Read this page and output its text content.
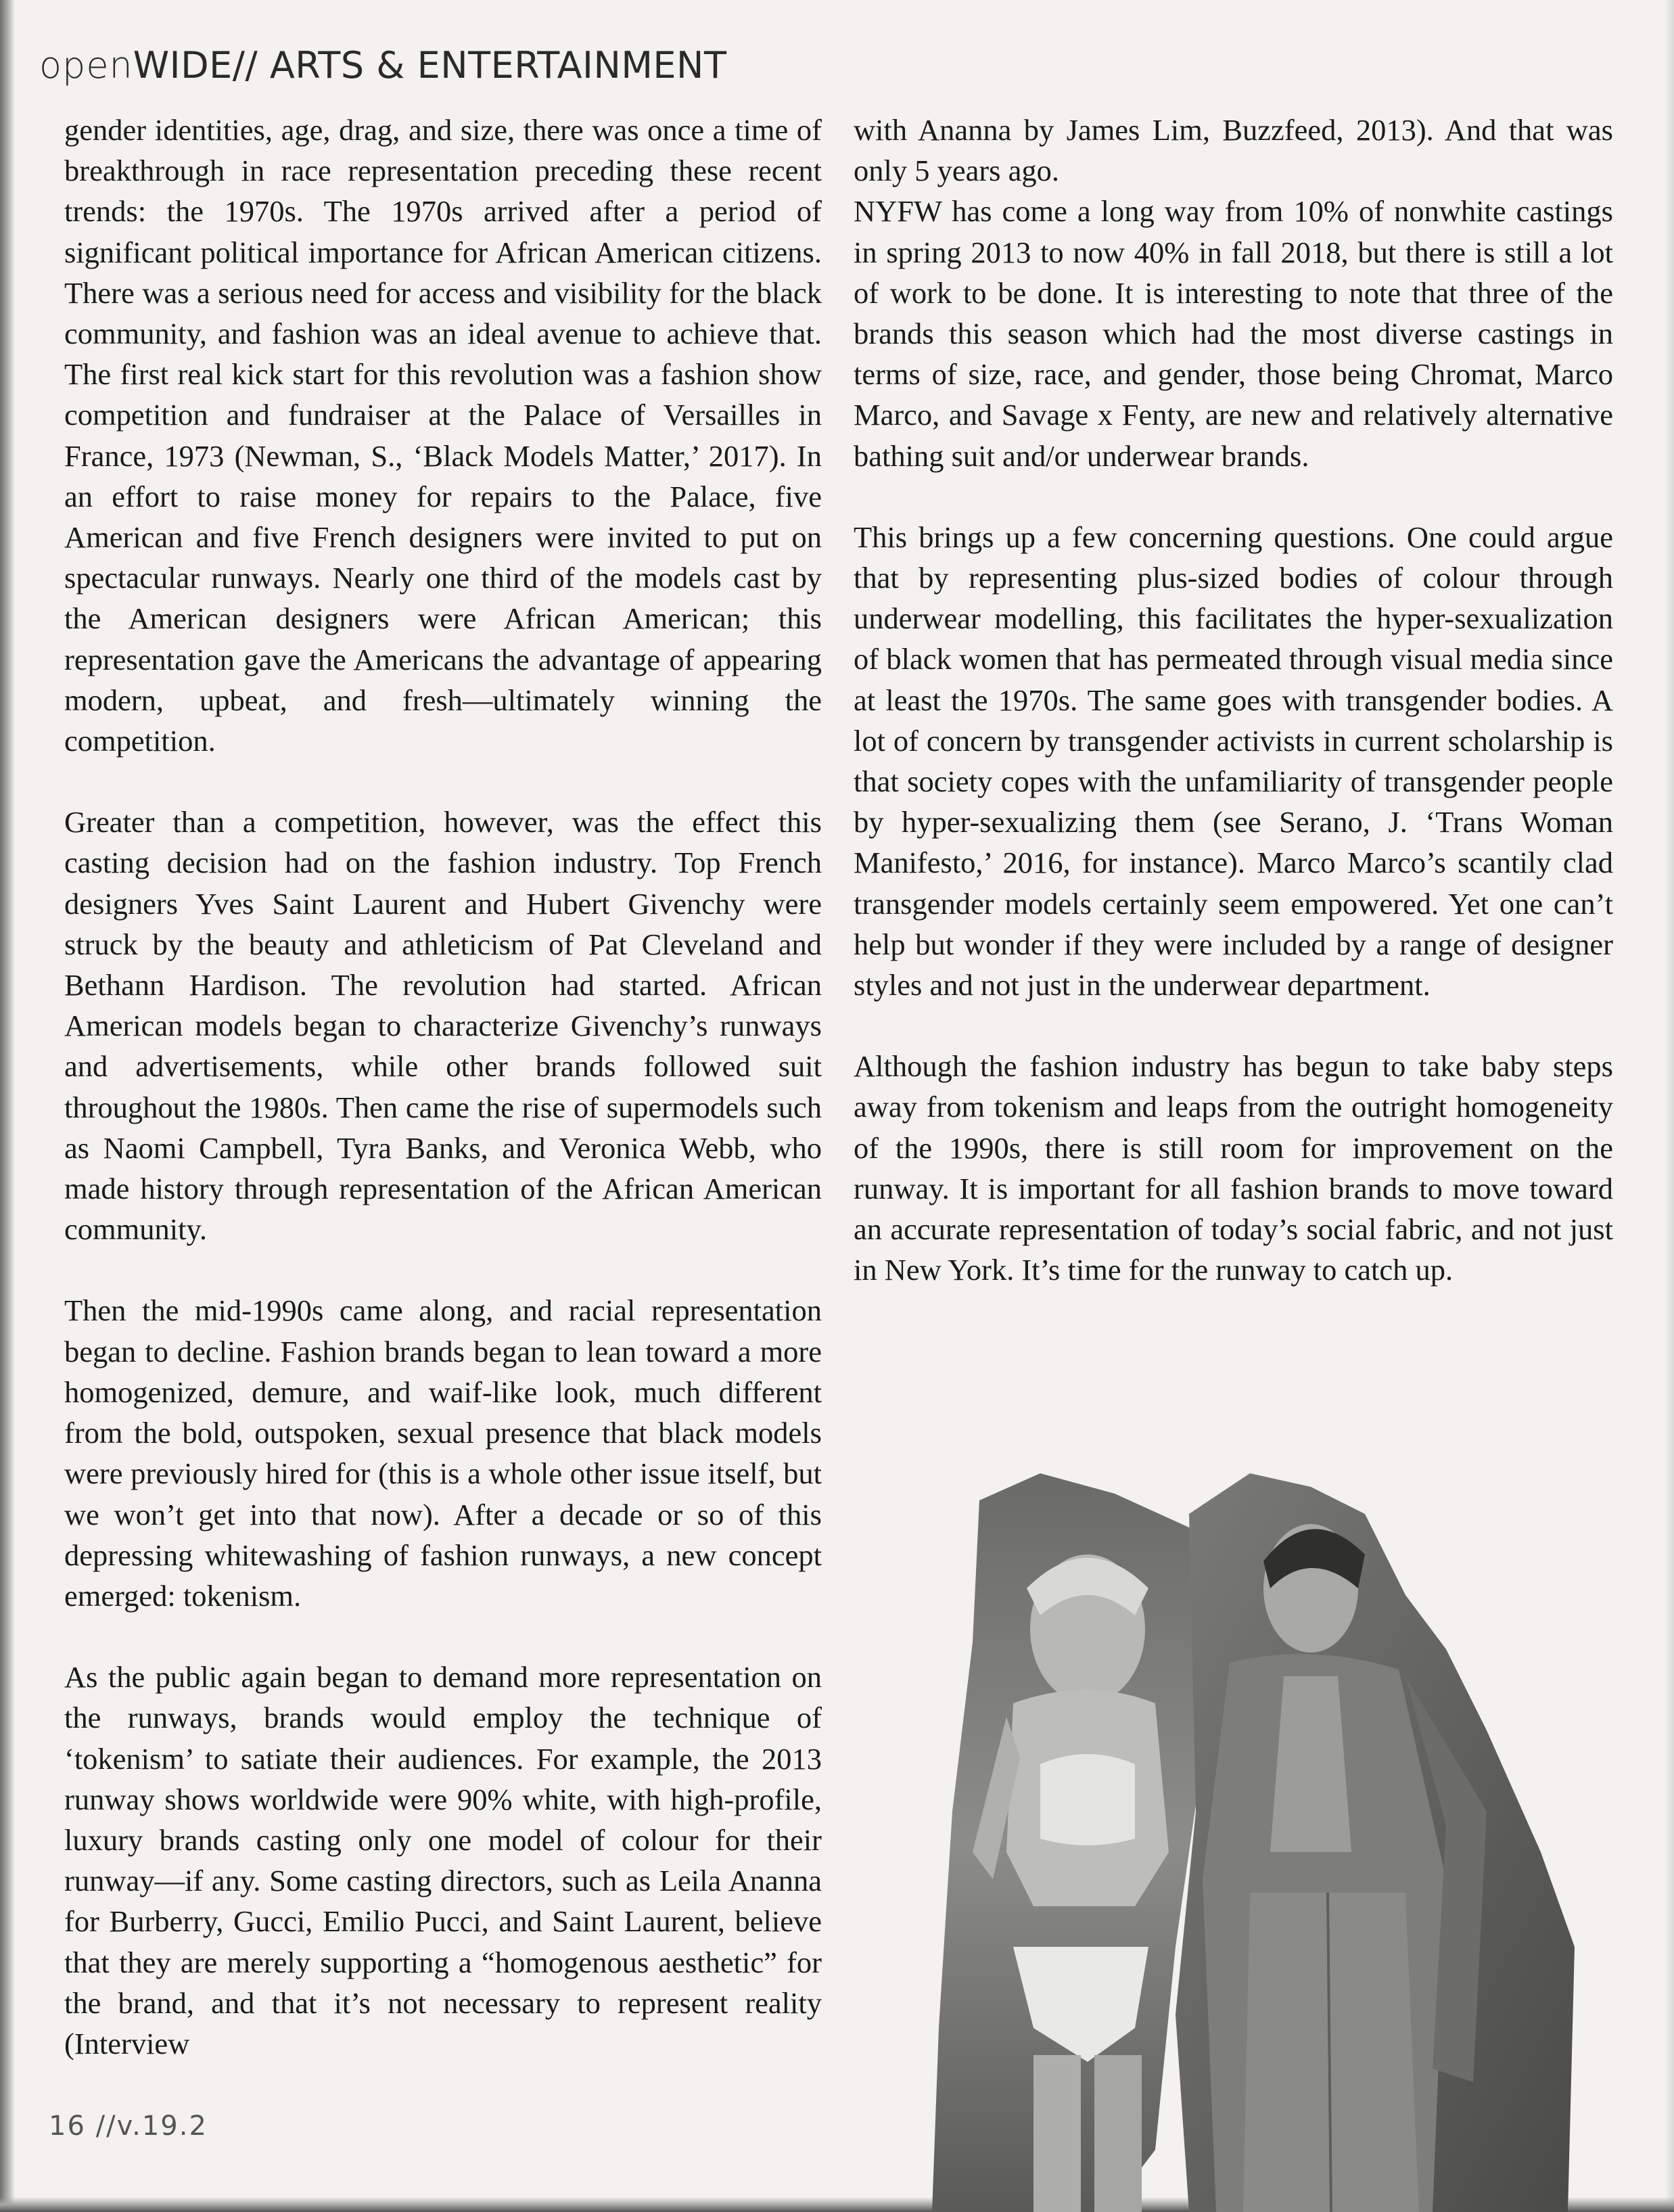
openWIDE// ARTS & ENTERTAINMENT

gender identities, age, drag, and size, there was once a time of breakthrough in race representation preceding these recent trends: the 1970s. The 1970s arrived after a period of significant political importance for African American citizens. There was a serious need for access and visibility for the black community, and fashion was an ideal avenue to achieve that. The first real kick start for this revolution was a fashion show competition and fundraiser at the Palace of Versailles in France, 1973 (Newman, S., ‘Black Models Matter,’ 2017). In an effort to raise money for repairs to the Palace, five American and five French designers were invited to put on spectacular runways. Nearly one third of the models cast by the American designers were African American; this representation gave the Americans the advantage of appearing modern, upbeat, and fresh—ultimately winning the competition.

Greater than a competition, however, was the effect this casting decision had on the fashion industry. Top French designers Yves Saint Laurent and Hubert Givenchy were struck by the beauty and athleticism of Pat Cleveland and Bethann Hardison. The revolution had started. African American models began to characterize Givenchy’s runways and advertisements, while other brands followed suit throughout the 1980s. Then came the rise of supermodels such as Naomi Campbell, Tyra Banks, and Veronica Webb, who made history through representation of the African American community.

Then the mid-1990s came along, and racial representation began to decline. Fashion brands began to lean toward a more homogenized, demure, and waif-like look, much different from the bold, outspoken, sexual presence that black models were previously hired for (this is a whole other issue itself, but we won’t get into that now). After a decade or so of this depressing whitewashing of fashion runways, a new concept emerged: tokenism.

As the public again began to demand more representation on the runways, brands would employ the technique of ‘tokenism’ to satiate their audiences. For example, the 2013 runway shows worldwide were 90% white, with high-profile, luxury brands casting only one model of colour for their runway—if any. Some casting directors, such as Leila Ananna for Burberry, Gucci, Emilio Pucci, and Saint Laurent, believe that they are merely supporting a “homogenous aesthetic” for the brand, and that it’s not necessary to represent reality (Interview

with Ananna by James Lim, Buzzfeed, 2013). And that was only 5 years ago.

NYFW has come a long way from 10% of nonwhite castings in spring 2013 to now 40% in fall 2018, but there is still a lot of work to be done. It is interesting to note that three of the brands this season which had the most diverse castings in terms of size, race, and gender, those being Chromat, Marco Marco, and Savage x Fenty, are new and relatively alternative bathing suit and/or underwear brands.

This brings up a few concerning questions. One could argue that by representing plus-sized bodies of colour through underwear modelling, this facilitates the hyper-sexualization of black women that has permeated through visual media since at least the 1970s. The same goes with transgender bodies. A lot of concern by transgender activists in current scholarship is that society copes with the unfamiliarity of transgender people by hyper-sexualizing them (see Serano, J. ‘Trans Woman Manifesto,’ 2016, for instance). Marco Marco’s scantily clad transgender models certainly seem empowered. Yet one can’t help but wonder if they were included by a range of designer styles and not just in the underwear department.

Although the fashion industry has begun to take baby steps away from tokenism and leaps from the outright homogeneity of the 1990s, there is still room for improvement on the runway. It is important for all fashion brands to move toward an accurate representation of today’s social fabric, and not just in New York. It’s time for the runway to catch up.

16 //v.19.2
